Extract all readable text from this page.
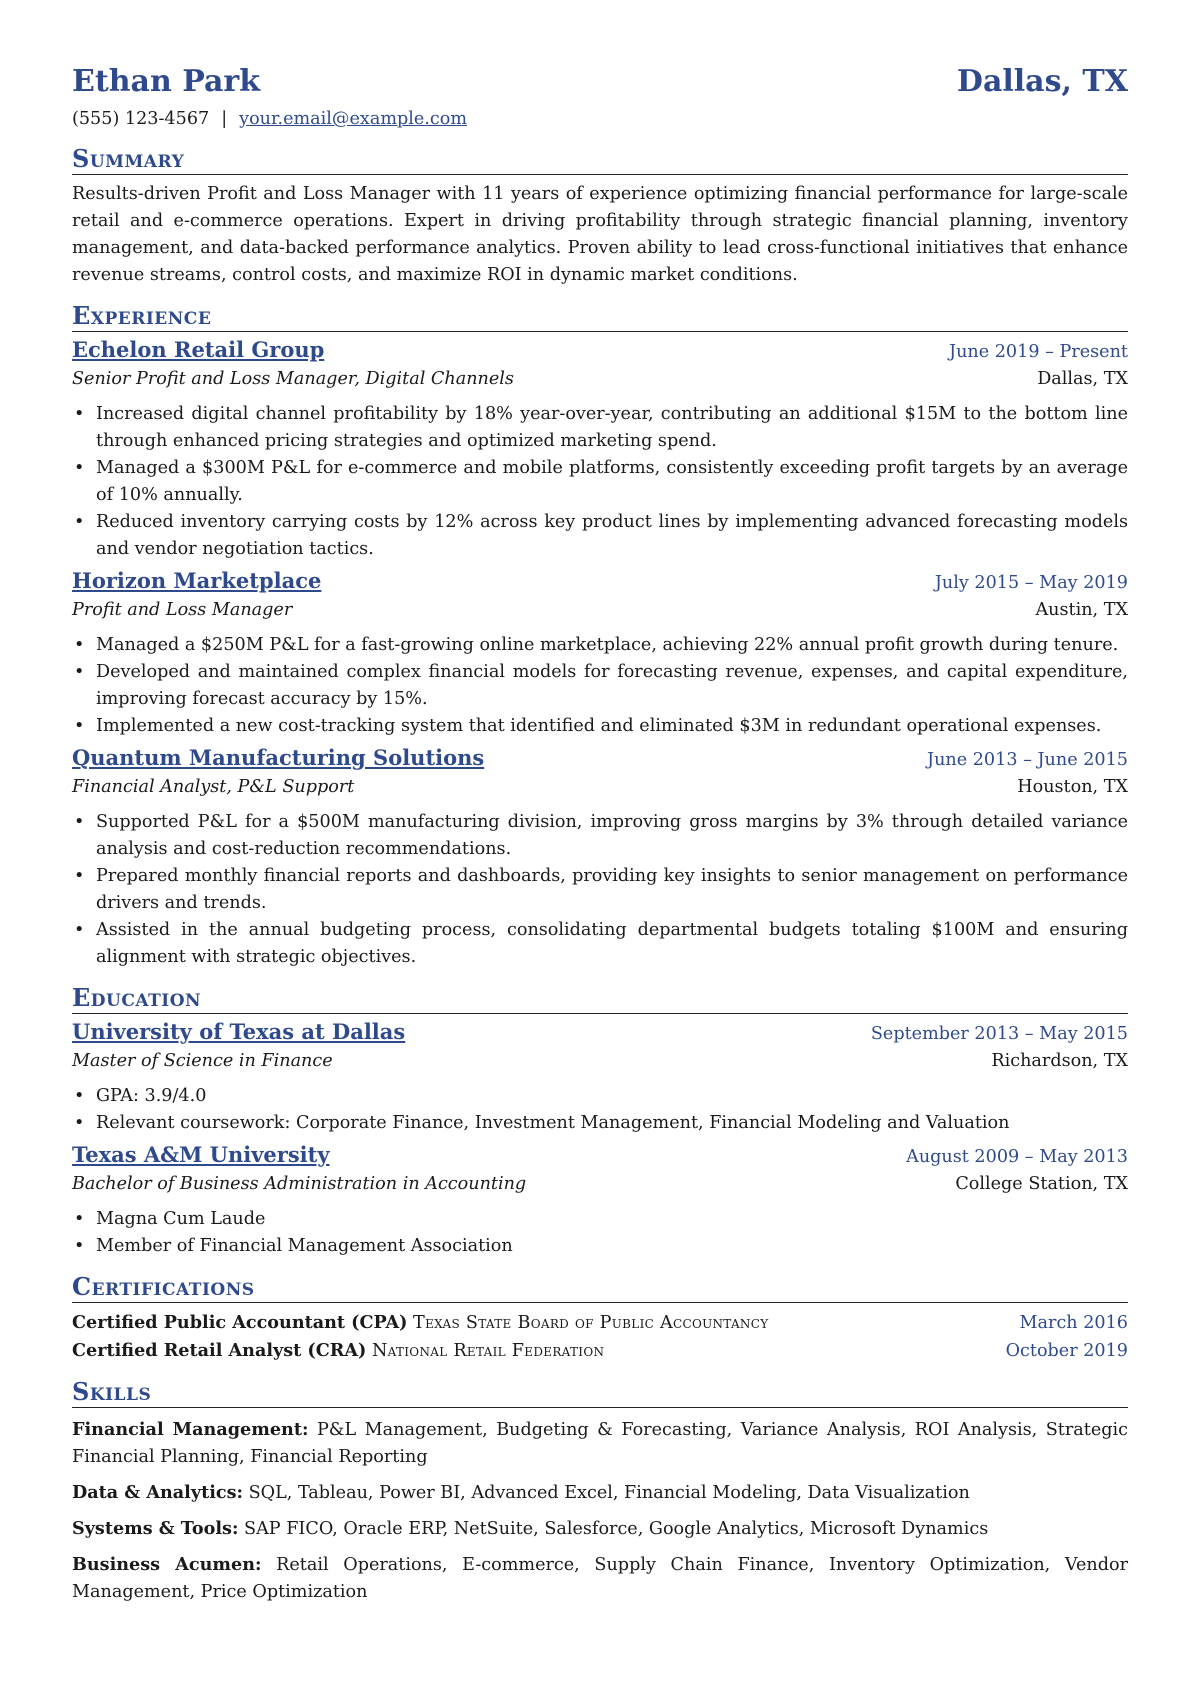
Ethan Park	Dallas, TX
(555) 123-4567 | your.email@example.com
Summary
Results-driven Profit and Loss Manager with 11 years of experience optimizing financial performance for large-scale retail and e-commerce operations. Expert in driving profitability through strategic financial planning, inventory management, and data-backed performance analytics. Proven ability to lead cross-functional initiatives that enhance revenue streams, control costs, and maximize ROI in dynamic market conditions.
Experience
Echelon Retail Group	June 2019 – Present
Senior Profit and Loss Manager, Digital Channels	Dallas, TX
• Increased digital channel profitability by 18% year-over-year, contributing an additional $15M to the bottom line through enhanced pricing strategies and optimized marketing spend.
• Managed a $300M P&L for e-commerce and mobile platforms, consistently exceeding profit targets by an average of 10% annually.
• Reduced inventory carrying costs by 12% across key product lines by implementing advanced forecasting models and vendor negotiation tactics.
Horizon Marketplace	July 2015 – May 2019
Profit and Loss Manager	Austin, TX
• Managed a $250M P&L for a fast-growing online marketplace, achieving 22% annual profit growth during tenure.
• Developed and maintained complex financial models for forecasting revenue, expenses, and capital expenditure, improving forecast accuracy by 15%.
• Implemented a new cost-tracking system that identified and eliminated $3M in redundant operational expenses.
Quantum Manufacturing Solutions	June 2013 – June 2015
Financial Analyst, P&L Support	Houston, TX
• Supported P&L for a $500M manufacturing division, improving gross margins by 3% through detailed variance analysis and cost-reduction recommendations.
• Prepared monthly financial reports and dashboards, providing key insights to senior management on performance drivers and trends.
• Assisted in the annual budgeting process, consolidating departmental budgets totaling $100M and ensuring alignment with strategic objectives.
Education
University of Texas at Dallas	September 2013 – May 2015
Master of Science in Finance	Richardson, TX
• GPA: 3.9/4.0
• Relevant coursework: Corporate Finance, Investment Management, Financial Modeling and Valuation
Texas A&M University	August 2009 – May 2013
Bachelor of Business Administration in Accounting	College Station, TX
• Magna Cum Laude
• Member of Financial Management Association
Certifications
Certified Public Accountant (CPA) Texas State Board of Public Accountancy	March 2016
Certified Retail Analyst (CRA) National Retail Federation	October 2019
Skills
Financial Management: P&L Management, Budgeting & Forecasting, Variance Analysis, ROI Analysis, Strategic Financial Planning, Financial Reporting
Data & Analytics: SQL, Tableau, Power BI, Advanced Excel, Financial Modeling, Data Visualization
Systems & Tools: SAP FICO, Oracle ERP, NetSuite, Salesforce, Google Analytics, Microsoft Dynamics
Business Acumen: Retail Operations, E-commerce, Supply Chain Finance, Inventory Optimization, Vendor Management, Price Optimization
